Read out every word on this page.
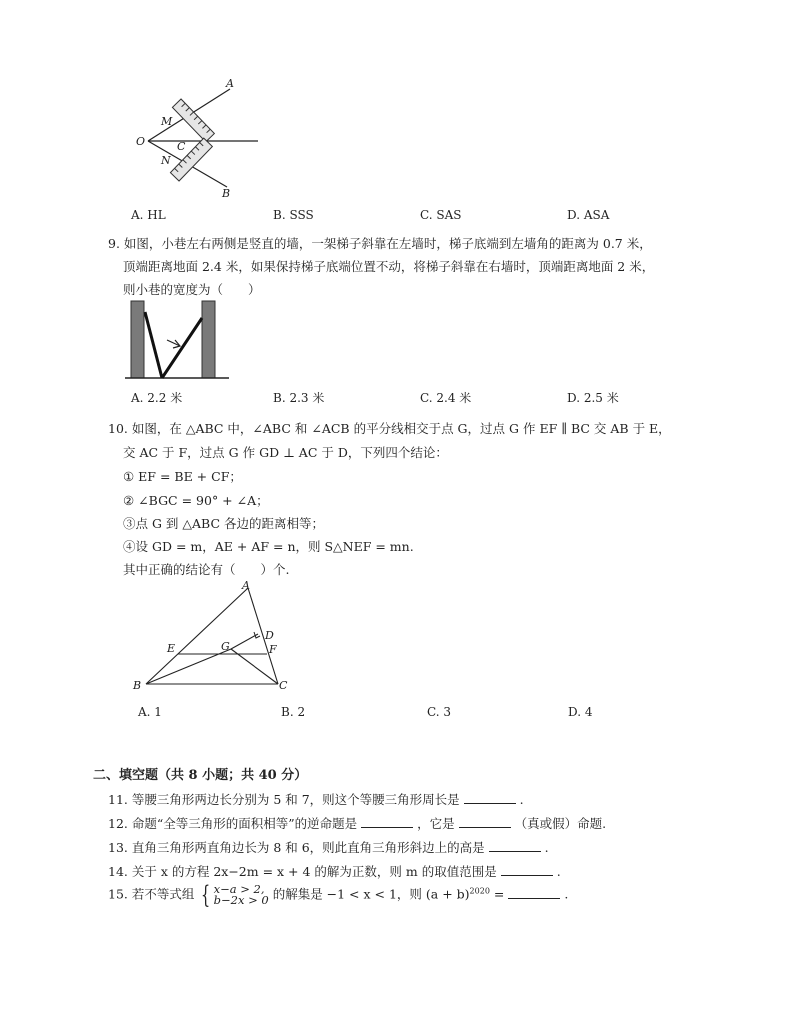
A
M
O	C
N
B
A. HL	B. SSS	C. SAS	D. ASA
9. 如图，小巷左右两侧是竖直的墙，一架梯子斜靠在左墙时，梯子底端到左墙角的距离为 0.7 米，
顶端距离地面 2.4 米，如果保持梯子底端位置不动，将梯子斜靠在右墙时，顶端距离地面 2 米，
则小巷的宽度为（　　）
A. 2.2 米	B. 2.3 米	C. 2.4 米	D. 2.5 米
10. 如图，在 △ABC 中，∠ABC 和 ∠ACB 的平分线相交于点 G，过点 G 作 EF ∥ BC 交 AB 于 E，
交 AC 于 F，过点 G 作 GD ⊥ AC 于 D，下列四个结论：
① EF = BE + CF；
② ∠BGC = 90° + ∠A；
③点 G 到 △ABC 各边的距离相等；
④设 GD = m，AE + AF = n，则 S△NEF = mn.
其中正确的结论有（　　）个.
A
D
E	G	F
B	C
A. 1	B. 2	C. 3	D. 4
二、填空题（共 8 小题；共 40 分）
11. 等腰三角形两边长分别为 5 和 7，则这个等腰三角形周长是	.
12. 命题“全等三角形的面积相等”的逆命题是	，它是	（真或假）命题.
13. 直角三角形两直角边长为 8 和 6，则此直角三角形斜边上的高是	.
14. 关于 x 的方程 2x−2m = x + 4 的解为正数，则 m 的取值范围是	.
15. 若不等式组 { x−a > 2,
b−2x > 0 的解集是 −1 < x < 1，则 $(a + b)^{2020}$ =	.
